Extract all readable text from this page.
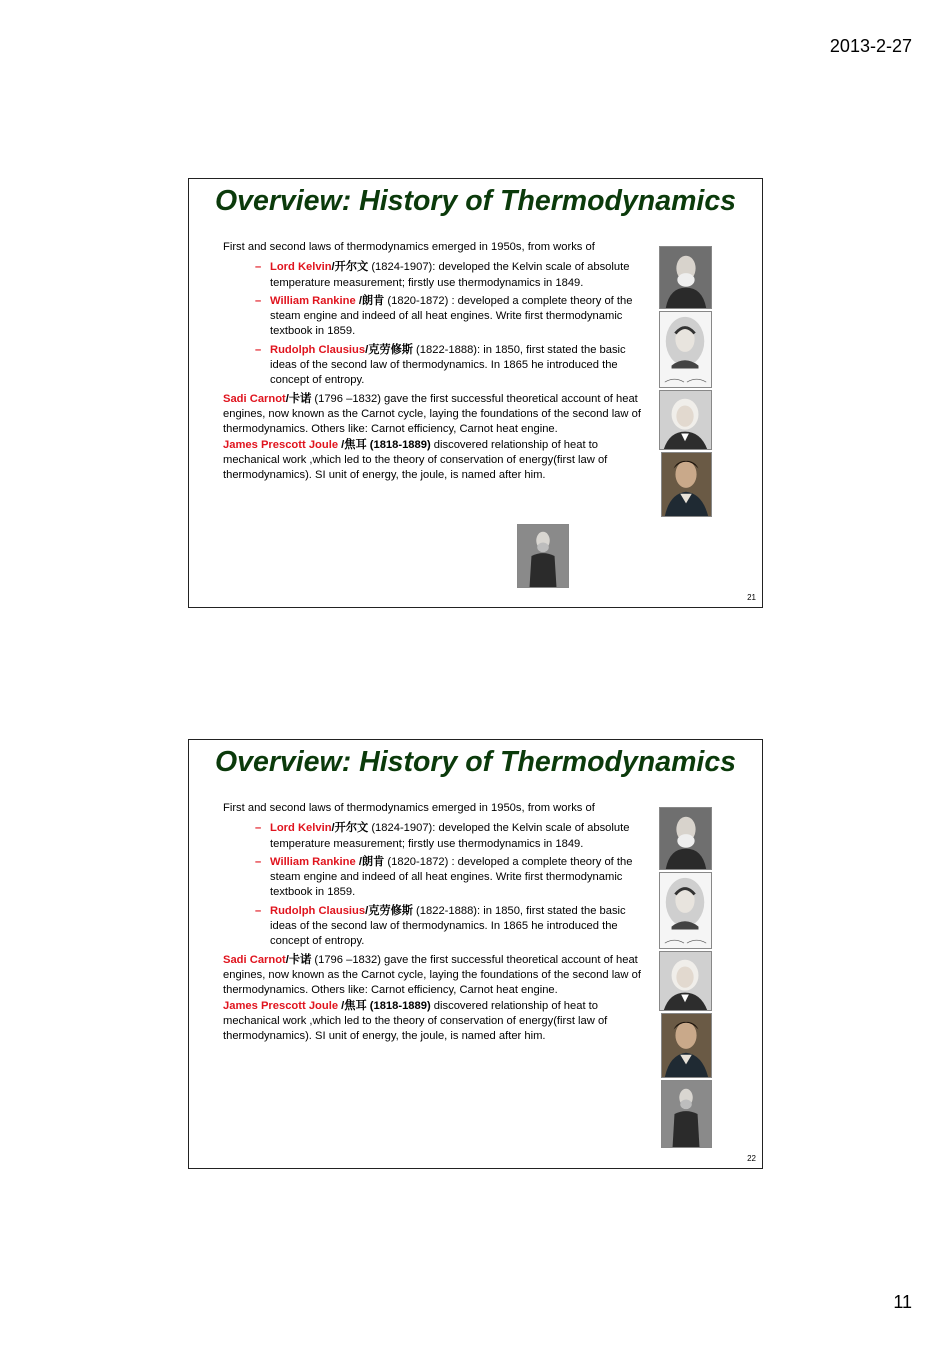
2013-2-27
Overview: History of Thermodynamics

First and second laws of thermodynamics emerged in 1950s, from works of

– Lord Kelvin/开尔文 (1824-1907): developed the Kelvin scale of absolute temperature measurement; firstly use thermodynamics in 1849.
– William Rankine /朗肯 (1820-1872) : developed a complete theory of the steam engine and indeed of all heat engines. Write first thermodynamic textbook in 1859.
– Rudolph Clausius/克劳修斯 (1822-1888): in 1850, first stated the basic ideas of the second law of thermodynamics. In 1865 he introduced the concept of entropy.

Sadi Carnot/卡诺 (1796 –1832) gave the first successful theoretical account of heat engines, now known as the Carnot cycle, laying the foundations of the second law of thermodynamics. Others like: Carnot efficiency, Carnot heat engine.

James Prescott Joule /焦耳 (1818-1889) discovered relationship of heat to mechanical work ,which led to the theory of conservation of energy(first law of thermodynamics). SI unit of energy, the joule, is named after him.

21
Overview: History of Thermodynamics

First and second laws of thermodynamics emerged in 1950s, from works of

– Lord Kelvin/开尔文 (1824-1907): developed the Kelvin scale of absolute temperature measurement; firstly use thermodynamics in 1849.
– William Rankine /朗肯 (1820-1872) : developed a complete theory of the steam engine and indeed of all heat engines. Write first thermodynamic textbook in 1859.
– Rudolph Clausius/克劳修斯 (1822-1888): in 1850, first stated the basic ideas of the second law of thermodynamics. In 1865 he introduced the concept of entropy.

Sadi Carnot/卡诺 (1796 –1832) gave the first successful theoretical account of heat engines, now known as the Carnot cycle, laying the foundations of the second law of thermodynamics. Others like: Carnot efficiency, Carnot heat engine.

James Prescott Joule /焦耳 (1818-1889) discovered relationship of heat to mechanical work ,which led to the theory of conservation of energy(first law of thermodynamics). SI unit of energy, the joule, is named after him.

22
11
